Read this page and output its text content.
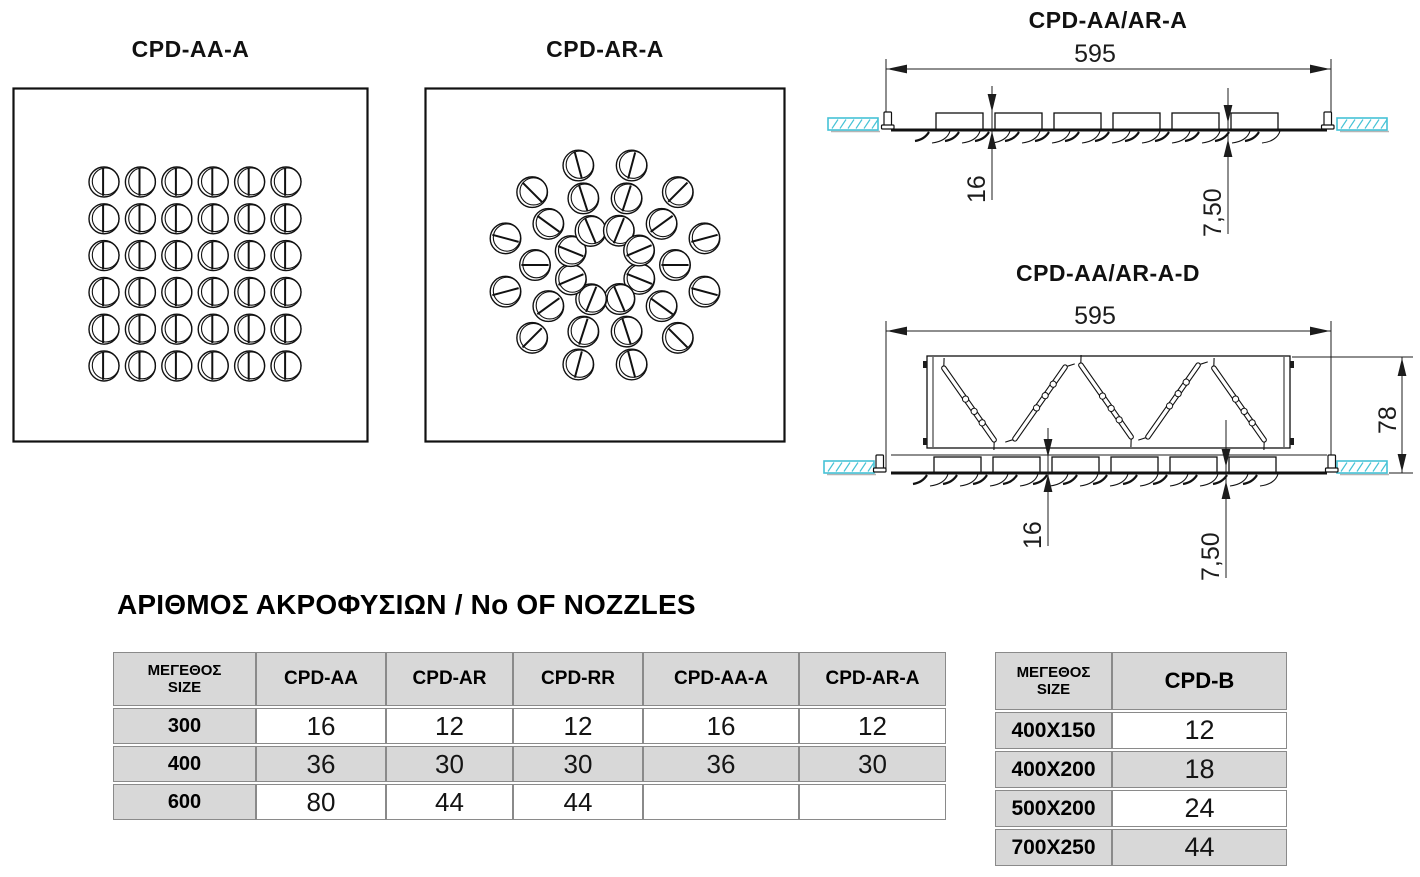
CPD-AA-A	CPD-AR-A
CPD-AA/AR-A
595
16	7,50
CPD-AA/AR-A-D
595
78
16	7,50
ΑΡΙΘΜΟΣ ΑΚΡΟΦΥΣΙΩΝ / No OF NOZZLES
ΜΕΓΕΘΟΣ
SIZE	CPD-AA	CPD-AR	CPD-RR	CPD-AA-A	CPD-AR-A
300	16	12	12	16	12
400	36	30	30	36	30
600	80	44	44		
ΜΕΓΕΘΟΣ
SIZE	CPD-B
400X150	12
400X200	18
500X200	24
700X250	44
